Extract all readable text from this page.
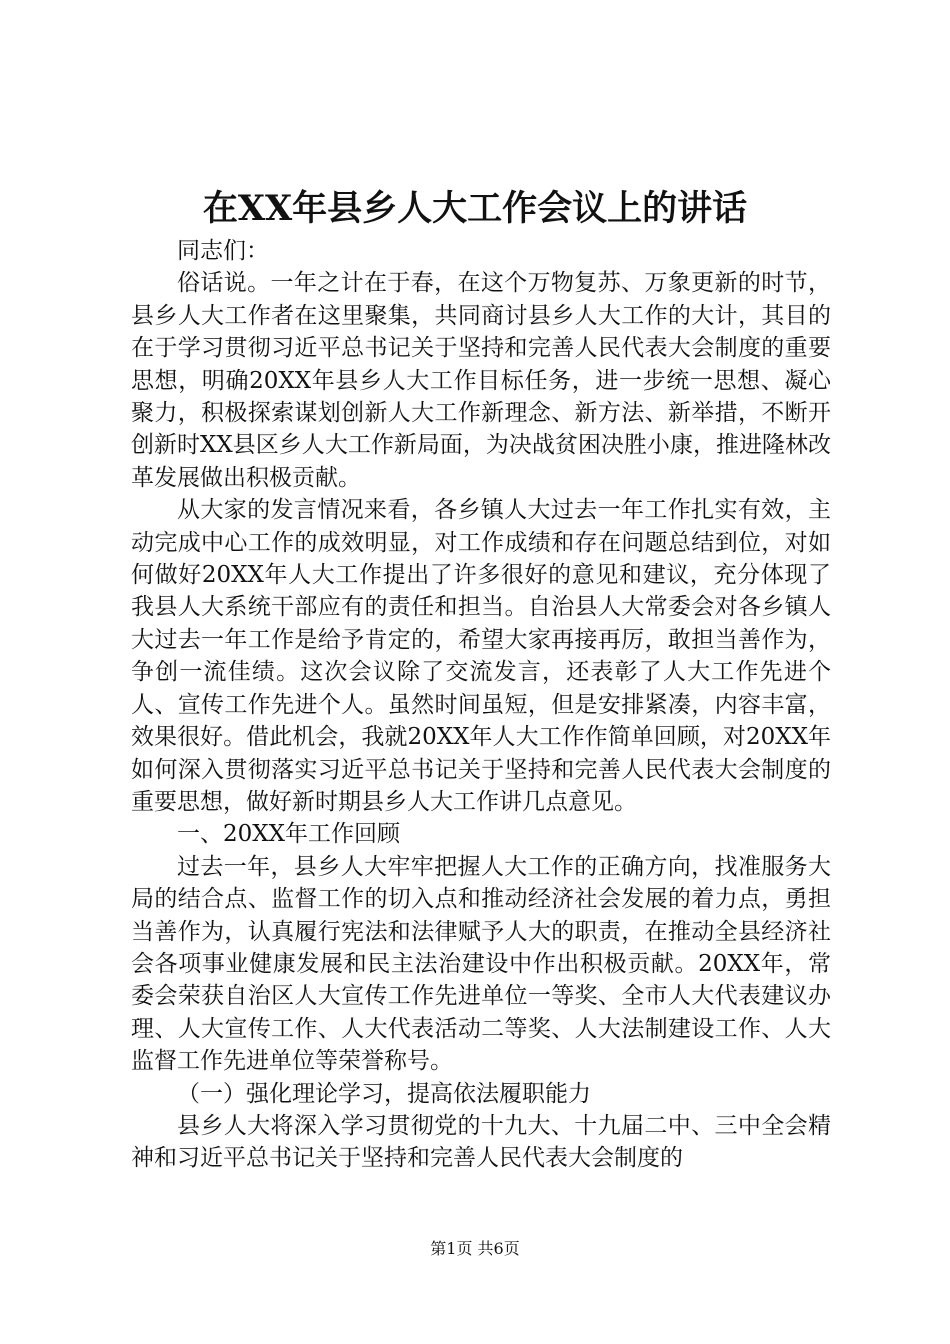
在XX年县乡人大工作会议上的讲话

同志们：

俗话说。一年之计在于春，在这个万物复苏、万象更新的时节，县乡人大工作者在这里聚集，共同商讨县乡人大工作的大计，其目的在于学习贯彻习近平总书记关于坚持和完善人民代表大会制度的重要思想，明确20XX年县乡人大工作目标任务，进一步统一思想、凝心聚力，积极探索谋划创新人大工作新理念、新方法、新举措，不断开创新时XX县区乡人大工作新局面，为决战贫困决胜小康，推进隆林改革发展做出积极贡献。

从大家的发言情况来看，各乡镇人大过去一年工作扎实有效，主动完成中心工作的成效明显，对工作成绩和存在问题总结到位，对如何做好20XX年人大工作提出了许多很好的意见和建议，充分体现了我县人大系统干部应有的责任和担当。自治县人大常委会对各乡镇人大过去一年工作是给予肯定的，希望大家再接再厉，敢担当善作为，争创一流佳绩。这次会议除了交流发言，还表彰了人大工作先进个人、宣传工作先进个人。虽然时间虽短，但是安排紧凑，内容丰富，效果很好。借此机会，我就20XX年人大工作作简单回顾，对20XX年如何深入贯彻落实习近平总书记关于坚持和完善人民代表大会制度的重要思想，做好新时期县乡人大工作讲几点意见。

一、20XX年工作回顾

过去一年，县乡人大牢牢把握人大工作的正确方向，找准服务大局的结合点、监督工作的切入点和推动经济社会发展的着力点，勇担当善作为，认真履行宪法和法律赋予人大的职责，在推动全县经济社会各项事业健康发展和民主法治建设中作出积极贡献。20XX年，常委会荣获自治区人大宣传工作先进单位一等奖、全市人大代表建议办理、人大宣传工作、人大代表活动二等奖、人大法制建设工作、人大监督工作先进单位等荣誉称号。

（一）强化理论学习，提高依法履职能力

县乡人大将深入学习贯彻党的十九大、十九届二中、三中全会精神和习近平总书记关于坚持和完善人民代表大会制度的

第1页 共6页
